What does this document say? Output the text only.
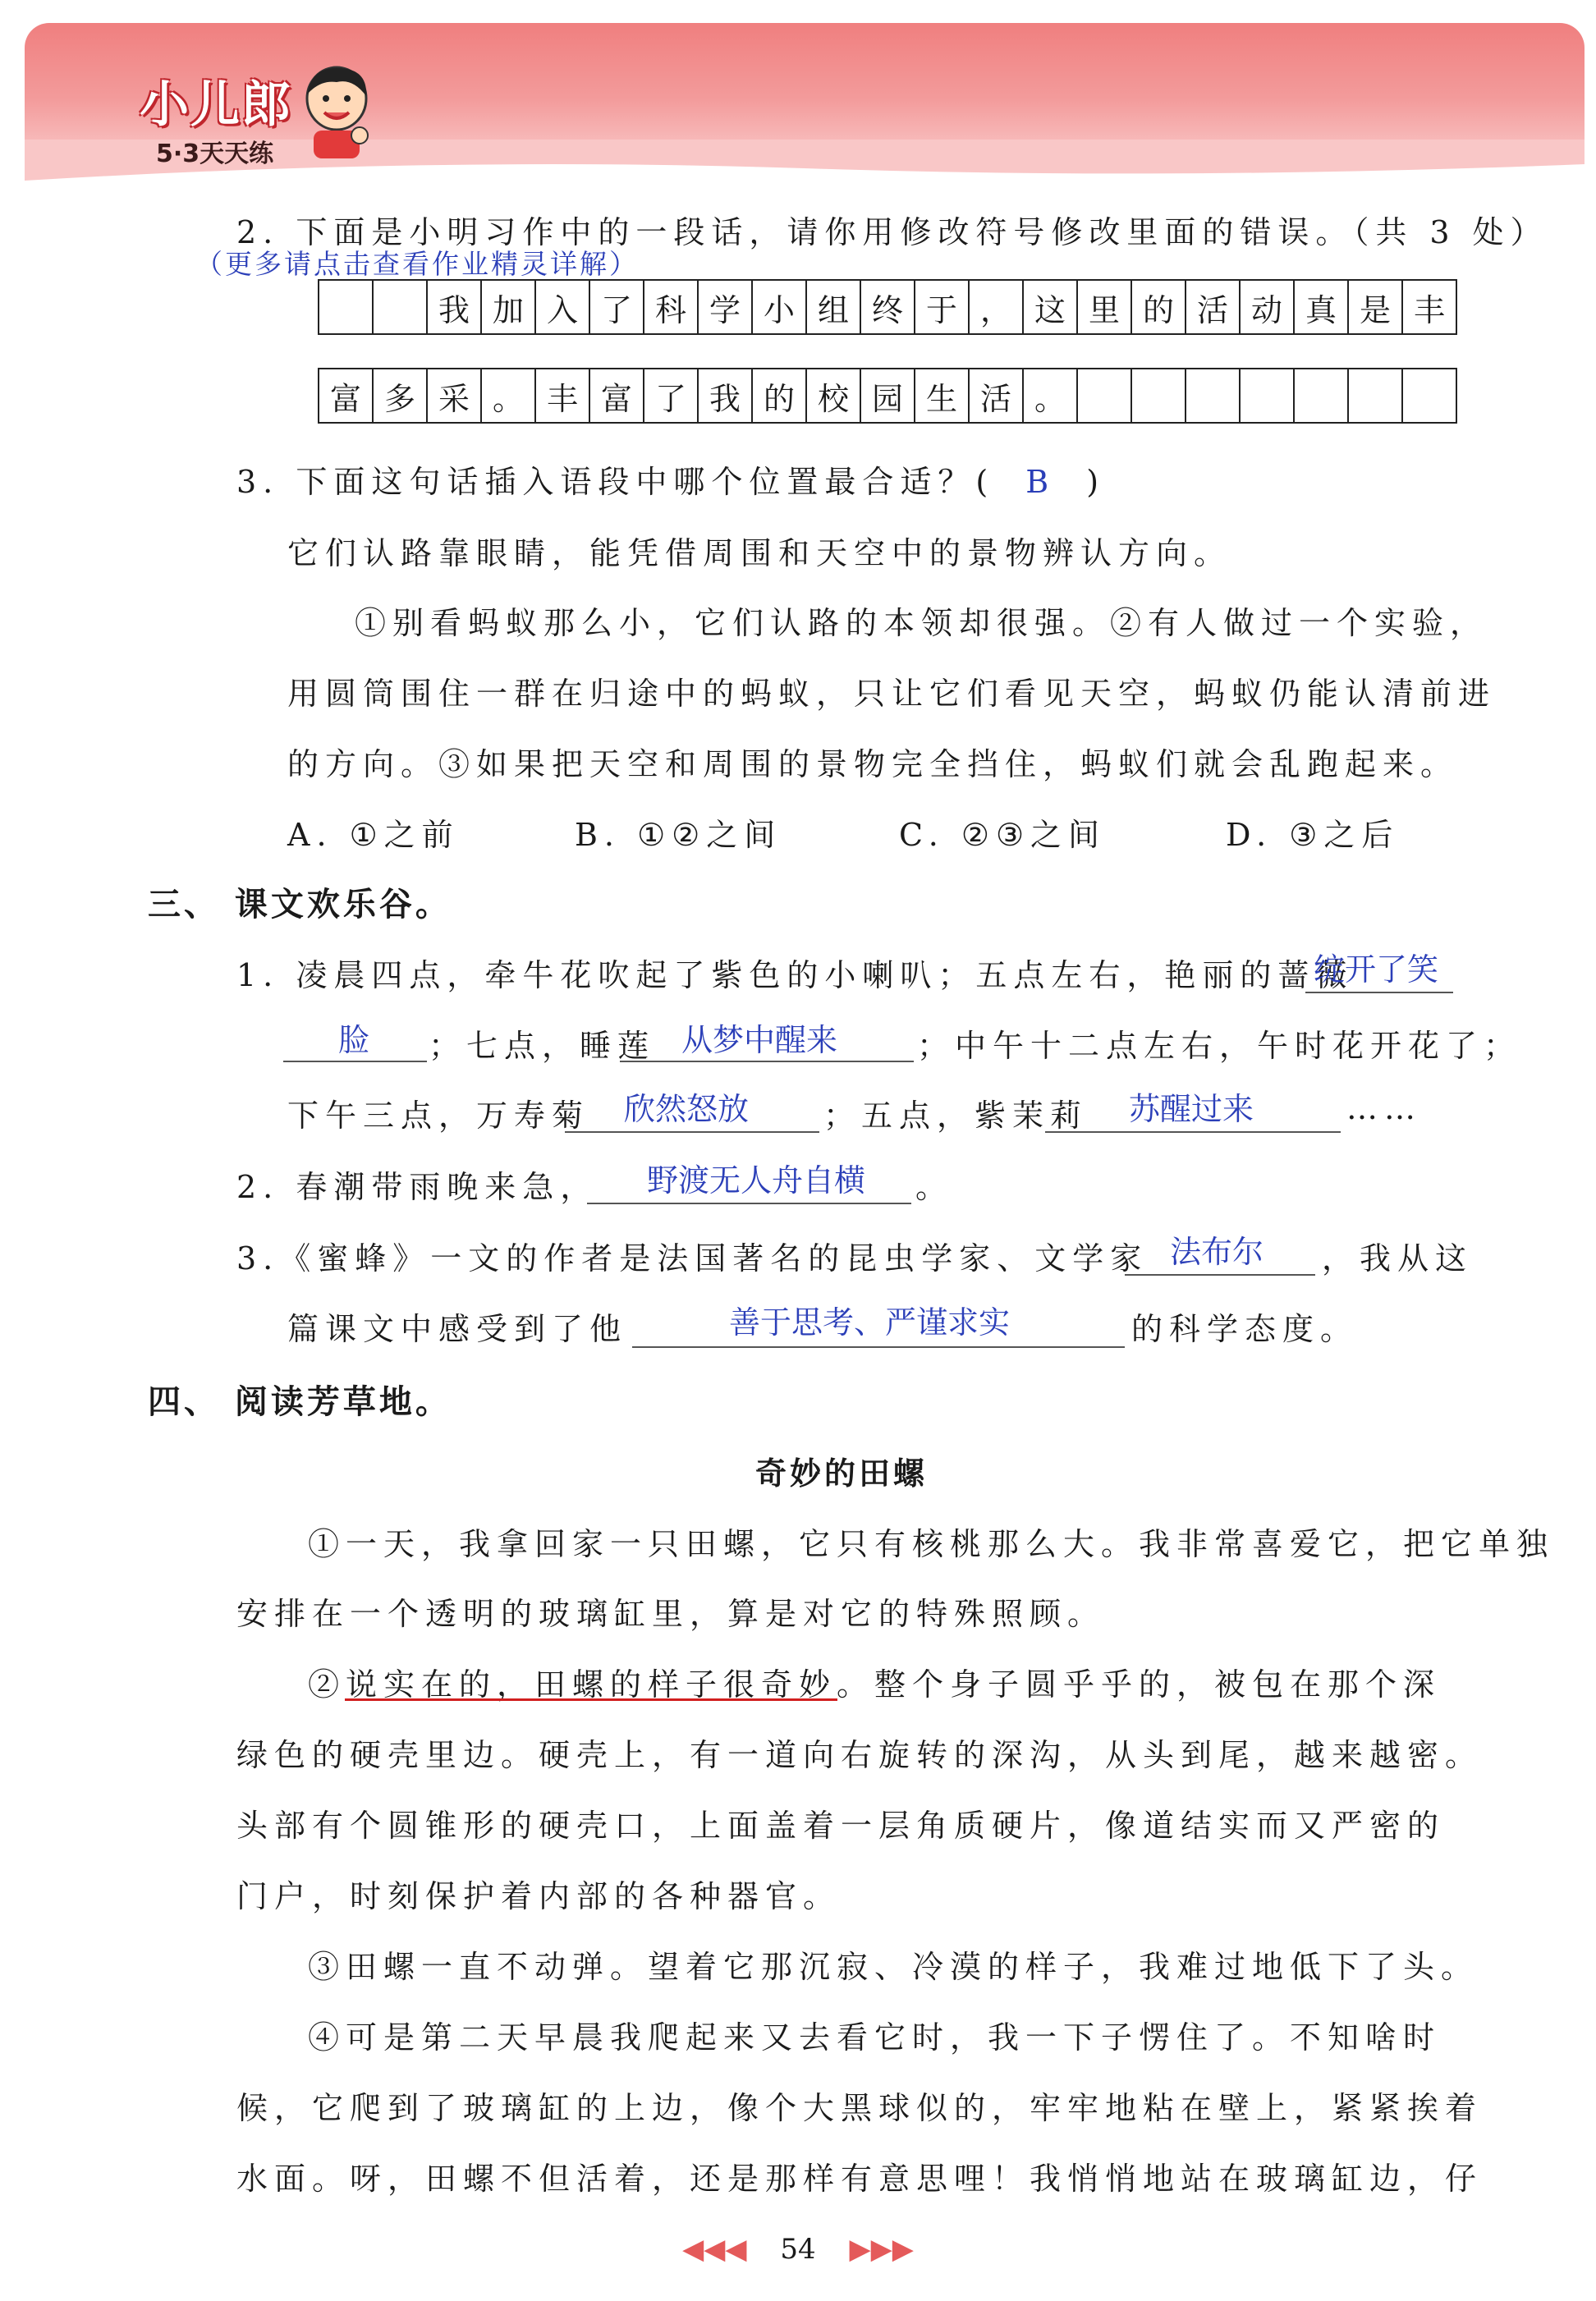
小儿郎
5·3天天练
2. 下面是小明习作中的一段话，请你用修改符号修改里面的错误。（共 3 处）
（更多请点击查看作业精灵详解）
		我	加	入	了	科	学	小	组	终	于	，	这	里	的	活	动	真	是	丰
富	多	采	。	丰	富	了	我	的	校	园	生	活	。							
3. 下面这句话插入语段中哪个位置最合适？( B )
它们认路靠眼睛，能凭借周围和天空中的景物辨认方向。
①别看蚂蚁那么小，它们认路的本领却很强。②有人做过一个实验，
用圆筒围住一群在归途中的蚂蚁，只让它们看见天空，蚂蚁仍能认清前进
的方向。③如果把天空和周围的景物完全挡住，蚂蚁们就会乱跑起来。
A. ①之前	B. ①②之间	C. ②③之间	D. ③之后
三、 课文欢乐谷。
1. 凌晨四点，牵牛花吹起了紫色的小喇叭；五点左右，艳丽的蔷薇
绽开了笑
脸 ；七点，睡莲 从梦中醒来	；中午十二点左右，午时花开花了；
下午三点，万寿菊 欣然怒放 ；五点，紫茉莉 苏醒过来	……
2. 春潮带雨晚来急， 野渡无人舟自横 。
3.《蜜蜂》一文的作者是法国著名的昆虫学家、文学家 法布尔 ，我从这
篇课文中感受到了他	善于思考、严谨求实	的科学态度。
四、 阅读芳草地。
奇妙的田螺
①一天，我拿回家一只田螺，它只有核桃那么大。我非常喜爱它，把它单独
安排在一个透明的玻璃缸里，算是对它的特殊照顾。
②说实在的，田螺的样子很奇妙。整个身子圆乎乎的，被包在那个深
绿色的硬壳里边。硬壳上，有一道向右旋转的深沟，从头到尾，越来越密。
头部有个圆锥形的硬壳口，上面盖着一层角质硬片，像道结实而又严密的
门户，时刻保护着内部的各种器官。
③田螺一直不动弹。望着它那沉寂、冷漠的样子，我难过地低下了头。
④可是第二天早晨我爬起来又去看它时，我一下子愣住了。不知啥时
候，它爬到了玻璃缸的上边，像个大黑球似的，牢牢地粘在壁上，紧紧挨着
水面。呀，田螺不但活着，还是那样有意思哩！我悄悄地站在玻璃缸边，仔
◀◀◀ 54 ▶▶▶
